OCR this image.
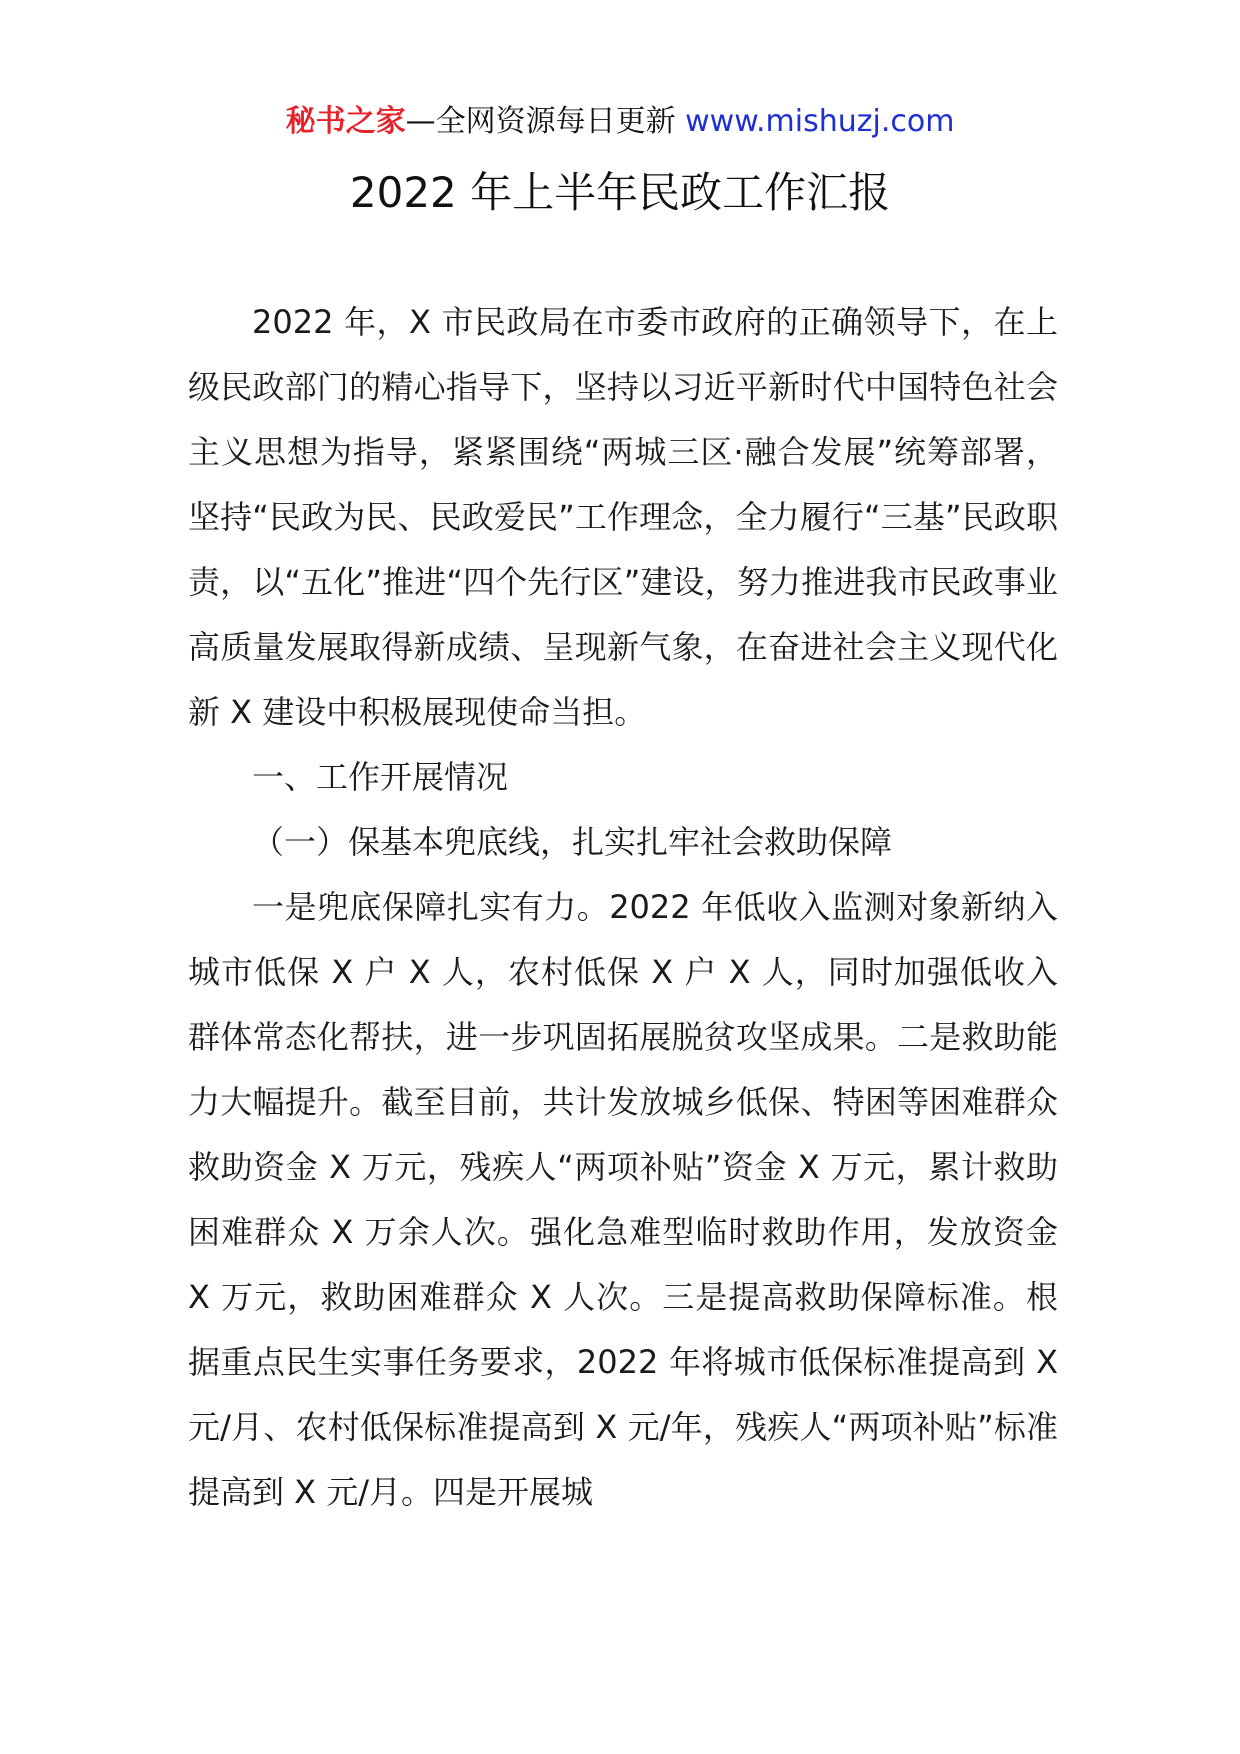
秘书之家—全网资源每日更新 www.mishuzj.com
2022 年上半年民政工作汇报

2022 年，X 市民政局在市委市政府的正确领导下，在上级民政部门的精心指导下，坚持以习近平新时代中国特色社会主义思想为指导，紧紧围绕“两城三区·融合发展”统筹部署，坚持“民政为民、民政爱民”工作理念，全力履行“三基”民政职责，以“五化”推进“四个先行区”建设，努力推进我市民政事业高质量发展取得新成绩、呈现新气象，在奋进社会主义现代化新 X 建设中积极展现使命当担。

一、工作开展情况

（一）保基本兜底线，扎实扎牢社会救助保障

一是兜底保障扎实有力。2022 年低收入监测对象新纳入城市低保 X 户 X 人，农村低保 X 户 X 人，同时加强低收入群体常态化帮扶，进一步巩固拓展脱贫攻坚成果。二是救助能力大幅提升。截至目前，共计发放城乡低保、特困等困难群众救助资金 X 万元，残疾人“两项补贴”资金 X 万元，累计救助困难群众 X 万余人次。强化急难型临时救助作用，发放资金 X 万元，救助困难群众 X 人次。三是提高救助保障标准。根据重点民生实事任务要求，2022 年将城市低保标准提高到 X 元/月、农村低保标准提高到 X 元/年，残疾人“两项补贴”标准提高到 X 元/月。四是开展城
